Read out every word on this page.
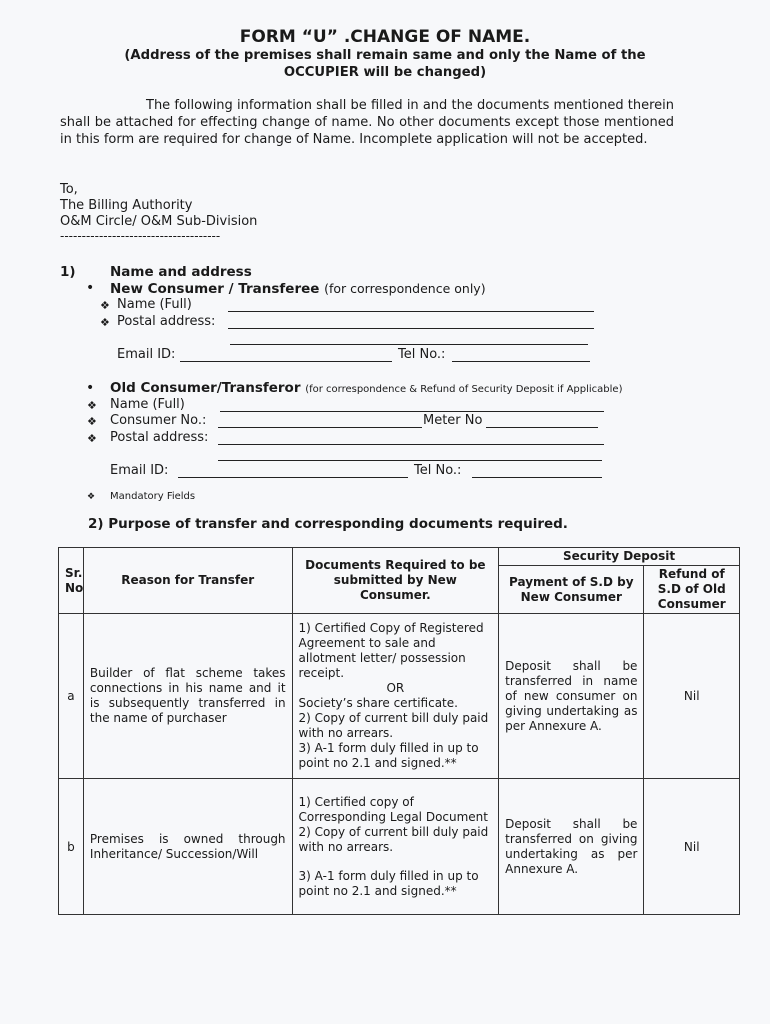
FORM “U” .CHANGE OF NAME.
(Address of the premises shall remain same and only the Name of the
OCCUPIER will be changed)
The following information shall be filled in and the documents mentioned therein shall be attached for effecting change of name. No other documents except those mentioned in this form are required for change of Name. Incomplete application will not be accepted.
To,
The Billing Authority
O&M Circle/ O&M Sub-Division
-------------------------------------
1)	Name and address
• New Consumer / Transferee (for correspondence only)
❖ Name (Full)
❖ Postal address:
Email ID:	Tel No.:
• Old Consumer/Transferor (for correspondence & Refund of Security Deposit if Applicable)
❖ Name (Full)
❖ Consumer No.:	Meter No
❖ Postal address:
Email ID:	Tel No.:
❖ Mandatory Fields
2) Purpose of transfer and corresponding documents required.
Sr. No	Reason for Transfer	Documents Required to be submitted by New Consumer.	Security Deposit	
			Payment of S.D by New Consumer	Refund of S.D of Old Consumer
a	Builder of flat scheme takes connections in his name and it is subsequently transferred in the name of purchaser	1) Certified Copy of Registered Agreement to sale and allotment letter/ possession receipt.
OR
Society’s share certificate.
2) Copy of current bill duly paid with no arrears.
3) A-1 form duly filled in up to point no 2.1 and signed.**	Deposit shall be transferred in name of new consumer on giving undertaking as per Annexure A.	Nil
b	Premises is owned through Inheritance/ Succession/Will	1) Certified copy of Corresponding Legal Document
2) Copy of current bill duly paid with no arrears.
3) A-1 form duly filled in up to point no 2.1 and signed.**	Deposit shall be transferred on giving undertaking as per Annexure A.	Nil
